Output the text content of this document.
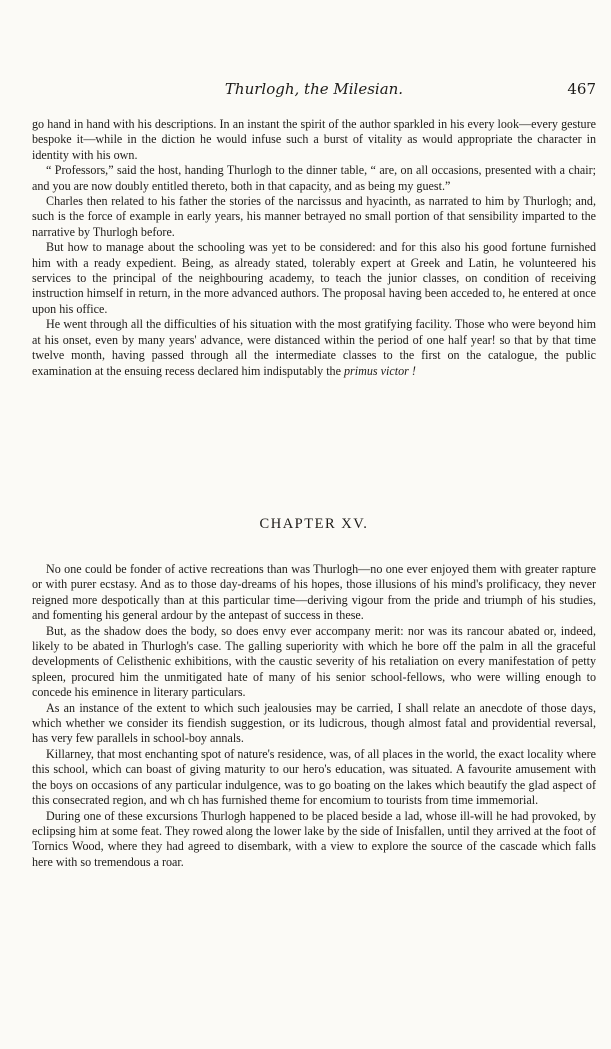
Thurlogh, the Milesian.	467

go hand in hand with his descriptions. In an instant the spirit of the author sparkled in his every look—every gesture bespoke it—while in the diction he would infuse such a burst of vitality as would appropriate the character in identity with his own.

“ Professors,” said the host, handing Thurlogh to the dinner table, “ are, on all occasions, presented with a chair; and you are now doubly entitled thereto, both in that capacity, and as being my guest.”

Charles then related to his father the stories of the narcissus and hyacinth, as narrated to him by Thurlogh; and, such is the force of example in early years, his manner betrayed no small portion of that sensibility imparted to the narrative by Thurlogh before.

But how to manage about the schooling was yet to be considered: and for this also his good fortune furnished him with a ready expedient. Being, as already stated, tolerably expert at Greek and Latin, he volunteered his services to the principal of the neighbouring academy, to teach the junior classes, on condition of receiving instruction himself in return, in the more advanced authors. The proposal having been acceded to, he entered at once upon his office.

He went through all the difficulties of his situation with the most gratifying facility. Those who were beyond him at his onset, even by many years' advance, were distanced within the period of one half year! so that by that time twelve month, having passed through all the intermediate classes to the first on the catalogue, the public examination at the ensuing recess declared him indisputably the primus victor !

CHAPTER XV.

No one could be fonder of active recreations than was Thurlogh—no one ever enjoyed them with greater rapture or with purer ecstasy. And as to those day-dreams of his hopes, those illusions of his mind's prolificacy, they never reigned more despotically than at this particular time—deriving vigour from the pride and triumph of his studies, and fomenting his general ardour by the antepast of success in these.

But, as the shadow does the body, so does envy ever accompany merit: nor was its rancour abated or, indeed, likely to be abated in Thurlogh's case. The galling superiority with which he bore off the palm in all the graceful developments of Celisthenic exhibitions, with the caustic severity of his retaliation on every manifestation of petty spleen, procured him the unmitigated hate of many of his senior school-fellows, who were willing enough to concede his eminence in literary particulars.

As an instance of the extent to which such jealousies may be carried, I shall relate an anecdote of those days, which whether we consider its fiendish suggestion, or its ludicrous, though almost fatal and providential reversal, has very few parallels in school-boy annals.

Killarney, that most enchanting spot of nature's residence, was, of all places in the world, the exact locality where this school, which can boast of giving maturity to our hero's education, was situated. A favourite amusement with the boys on occasions of any particular indulgence, was to go boating on the lakes which beautify the glad aspect of this consecrated region, and wh ch has furnished theme for encomium to tourists from time immemorial.

During one of these excursions Thurlogh happened to be placed beside a lad, whose ill-will he had provoked, by eclipsing him at some feat. They rowed along the lower lake by the side of Inisfallen, until they arrived at the foot of Tornics Wood, where they had agreed to disembark, with a view to explore the source of the cascade which falls here with so tremendous a roar.
